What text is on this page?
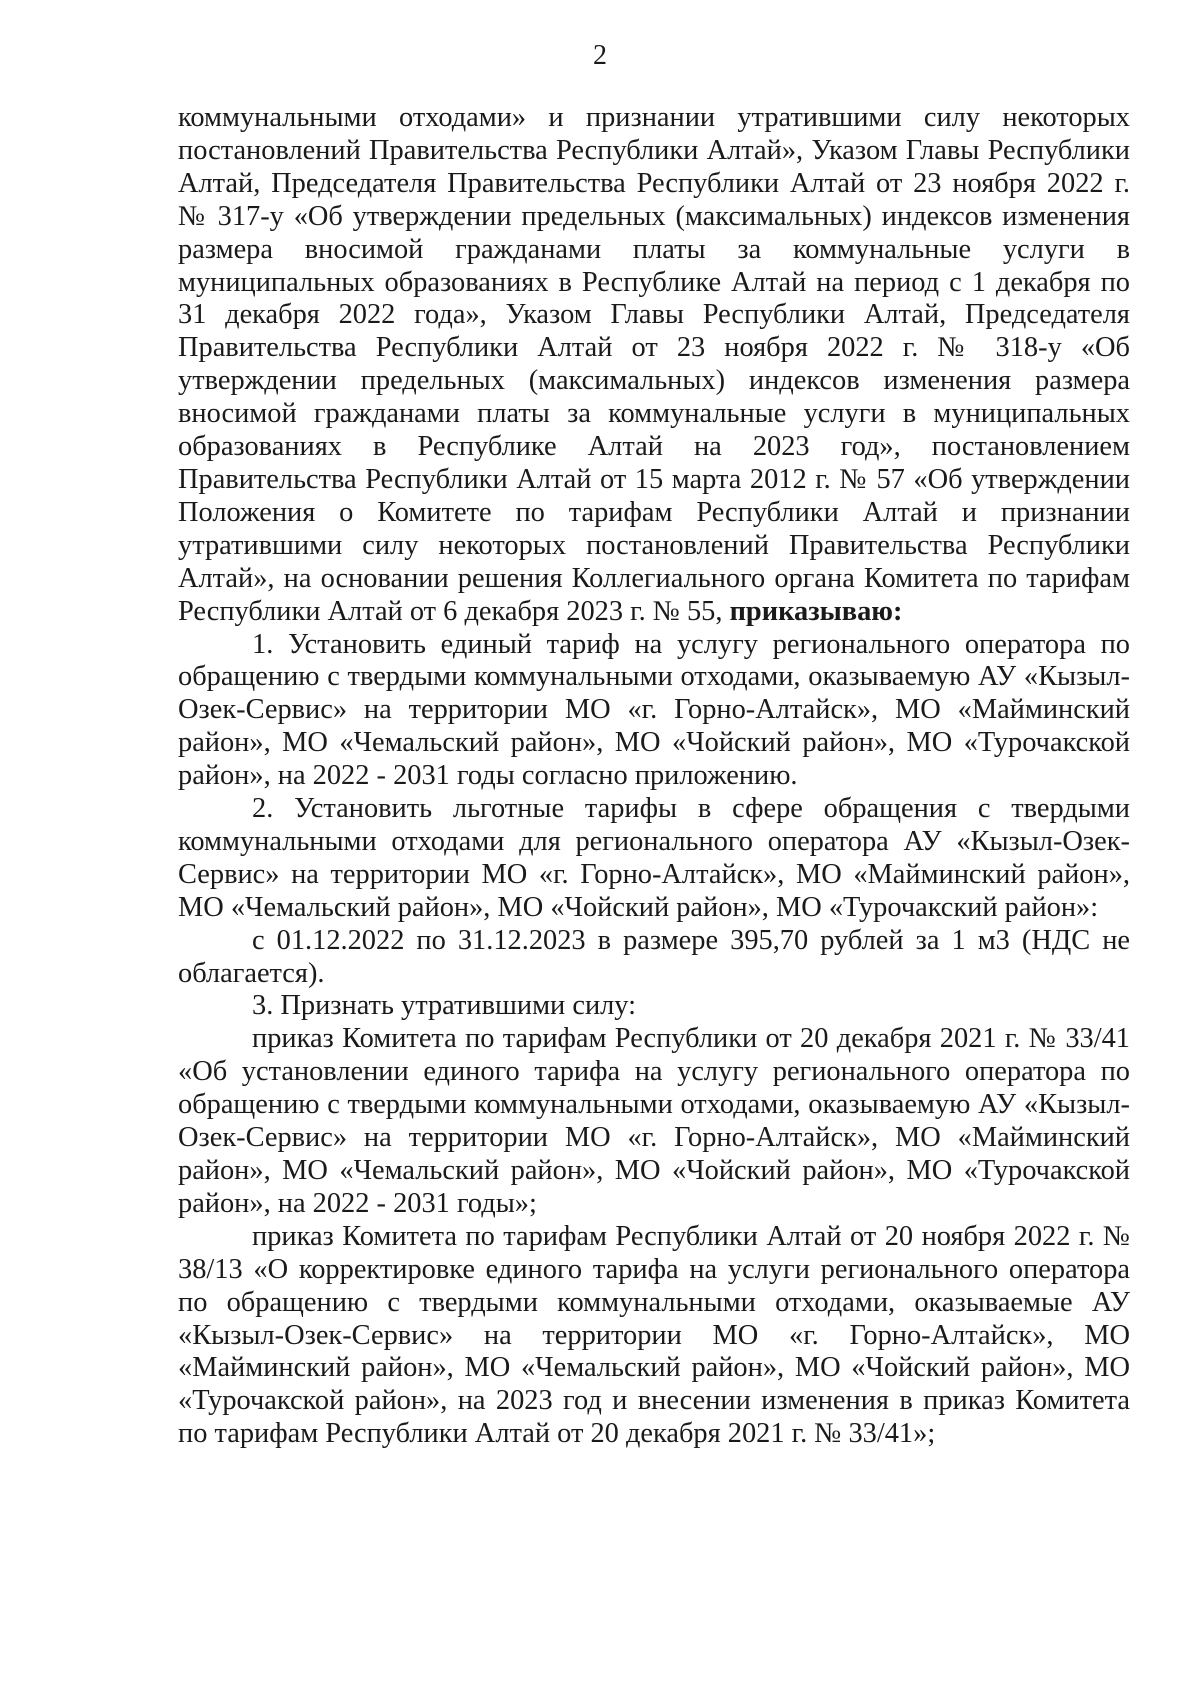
2

коммунальными отходами» и признании утратившими силу некоторых постановлений Правительства Республики Алтай», Указом Главы Республики Алтай, Председателя Правительства Республики Алтай от 23 ноября 2022 г. № 317-у «Об утверждении предельных (максимальных) индексов изменения размера вносимой гражданами платы за коммунальные услуги в муниципальных образованиях в Республике Алтай на период с 1 декабря по 31 декабря 2022 года», Указом Главы Республики Алтай, Председателя Правительства Республики Алтай от 23 ноября 2022 г. № 318-у «Об утверждении предельных (максимальных) индексов изменения размера вносимой гражданами платы за коммунальные услуги в муниципальных образованиях в Республике Алтай на 2023 год», постановлением Правительства Республики Алтай от 15 марта 2012 г. № 57 «Об утверждении Положения о Комитете по тарифам Республики Алтай и признании утратившими силу некоторых постановлений Правительства Республики Алтай», на основании решения Коллегиального органа Комитета по тарифам Республики Алтай от 6 декабря 2023 г. № 55, приказываю:

1. Установить единый тариф на услугу регионального оператора по обращению с твердыми коммунальными отходами, оказываемую АУ «Кызыл-Озек-Сервис» на территории МО «г. Горно-Алтайск», МО «Майминский район», МО «Чемальский район», МО «Чойский район», МО «Турочакской район», на 2022 - 2031 годы согласно приложению.

2. Установить льготные тарифы в сфере обращения с твердыми коммунальными отходами для регионального оператора АУ «Кызыл-Озек-Сервис» на территории МО «г. Горно-Алтайск», МО «Майминский район», МО «Чемальский район», МО «Чойский район», МО «Турочакский район»:

с 01.12.2022 по 31.12.2023 в размере 395,70 рублей за 1 м3 (НДС не облагается).

3. Признать утратившими силу:

приказ Комитета по тарифам Республики от 20 декабря 2021 г. № 33/41 «Об установлении единого тарифа на услугу регионального оператора по обращению с твердыми коммунальными отходами, оказываемую АУ «Кызыл-Озек-Сервис» на территории МО «г. Горно-Алтайск», МО «Майминский район», МО «Чемальский район», МО «Чойский район», МО «Турочакской район», на 2022 - 2031 годы»;

приказ Комитета по тарифам Республики Алтай от 20 ноября 2022 г. № 38/13 «О корректировке единого тарифа на услуги регионального оператора по обращению с твердыми коммунальными отходами, оказываемые АУ «Кызыл-Озек-Сервис» на территории МО «г. Горно-Алтайск», МО «Майминский район», МО «Чемальский район», МО «Чойский район», МО «Турочакской район», на 2023 год и внесении изменения в приказ Комитета по тарифам Республики Алтай от 20 декабря 2021 г. № 33/41»;
